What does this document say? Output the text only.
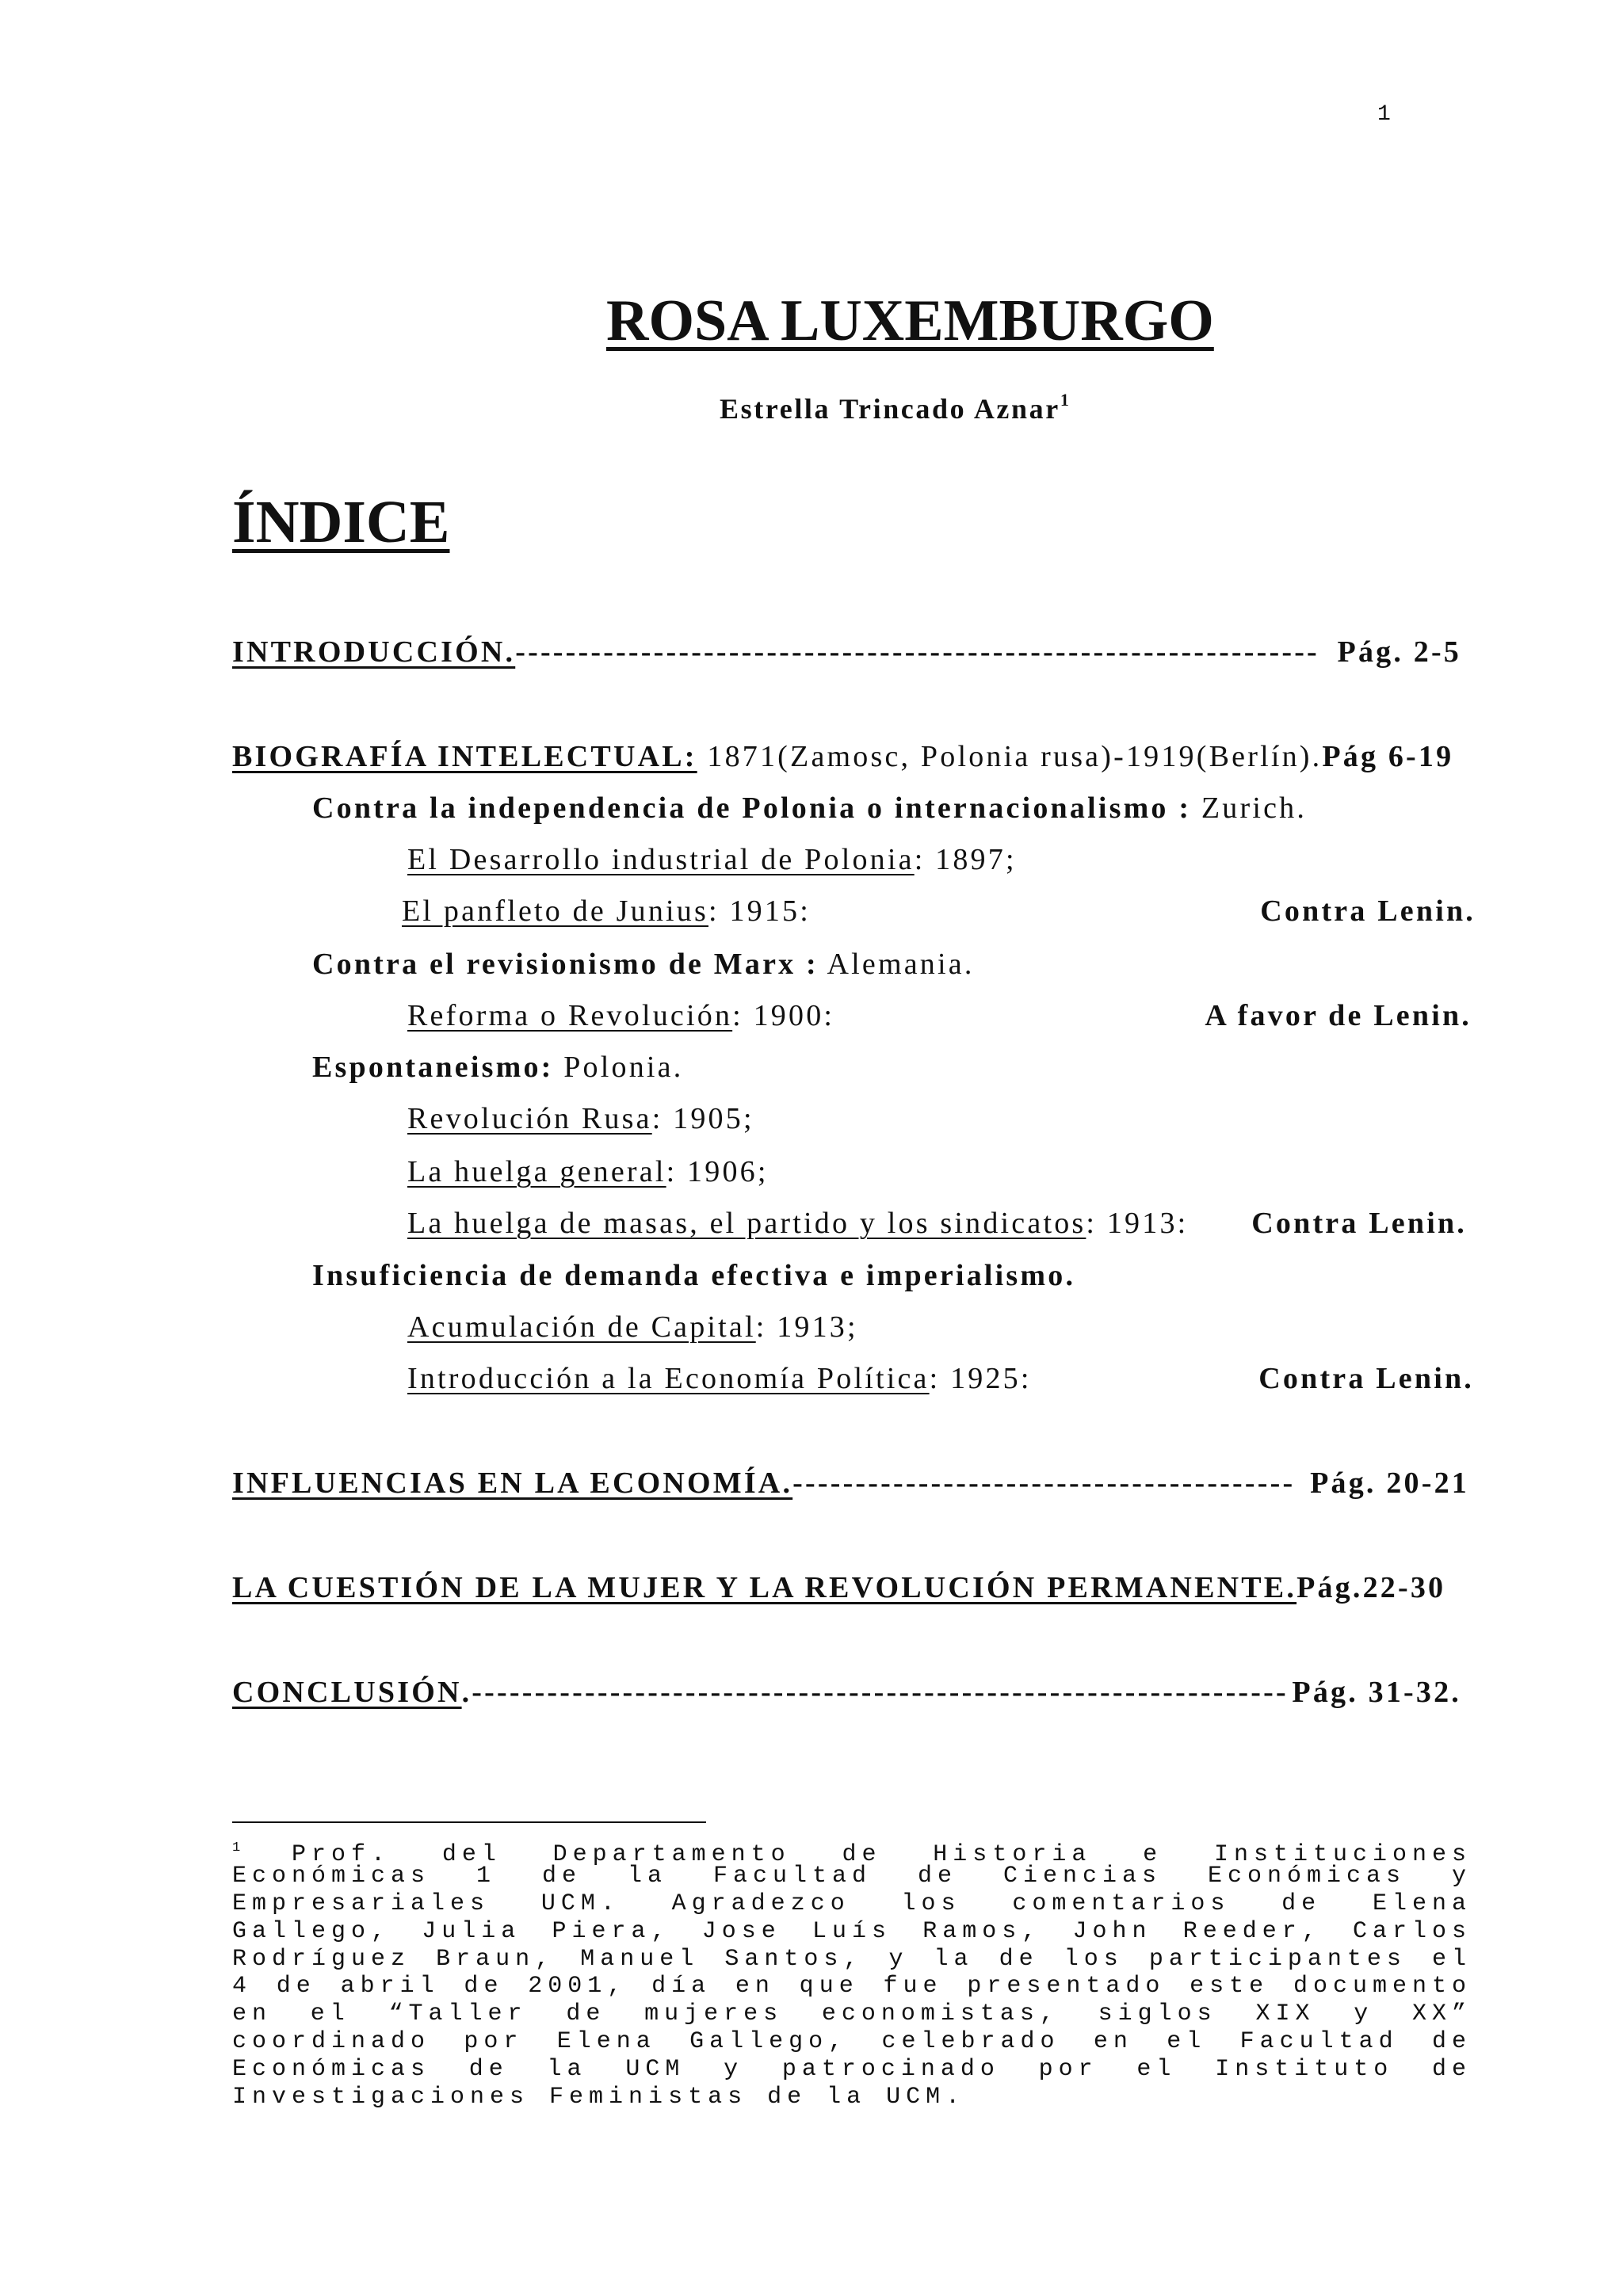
1
ROSA LUXEMBURGO
Estrella Trincado Aznar$^1$
ÍNDICE
INTRODUCCIÓN. ---------------------------------------------------------------- Pág. 2-5
BIOGRAFÍA INTELECTUAL: 1871(Zamosc, Polonia rusa)-1919(Berlín).Pág 6-19
Contra la independencia de Polonia o internacionalismo : Zurich.
El Desarrollo industrial de Polonia: 1897;
El panfleto de Junius: 1915:	Contra Lenin.
Contra el revisionismo de Marx : Alemania.
Reforma o Revolución: 1900:	A favor de Lenin.
Espontaneismo: Polonia.
Revolución Rusa: 1905;
La huelga general: 1906;
La huelga de masas, el partido y los sindicatos: 1913: Contra Lenin.
Insuficiencia de demanda efectiva e imperialismo.
Acumulación de Capital: 1913;
Introducción a la Economía Política: 1925:	Contra Lenin.
INFLUENCIAS EN LA ECONOMÍA. ---------------------------------------- Pág. 20-21
LA CUESTIÓN DE LA MUJER Y LA REVOLUCIÓN PERMANENTE.Pág.22-30
CONCLUSIÓN .----------------------------------------------------------------- Pág. 31-32.
$^1$ Prof. del Departamento de Historia e Instituciones
Económicas 1 de la Facultad de Ciencias Económicas y
Empresariales UCM. Agradezco los comentarios de Elena
Gallego, Julia Piera, Jose Luís Ramos, John Reeder, Carlos
Rodríguez Braun, Manuel Santos, y la de los participantes el
4 de abril de 2001, día en que fue presentado este documento
en el “Taller de mujeres economistas, siglos XIX y XX”
coordinado por Elena Gallego, celebrado en el Facultad de
Económicas de la UCM y patrocinado por el Instituto de
Investigaciones Feministas de la UCM.
